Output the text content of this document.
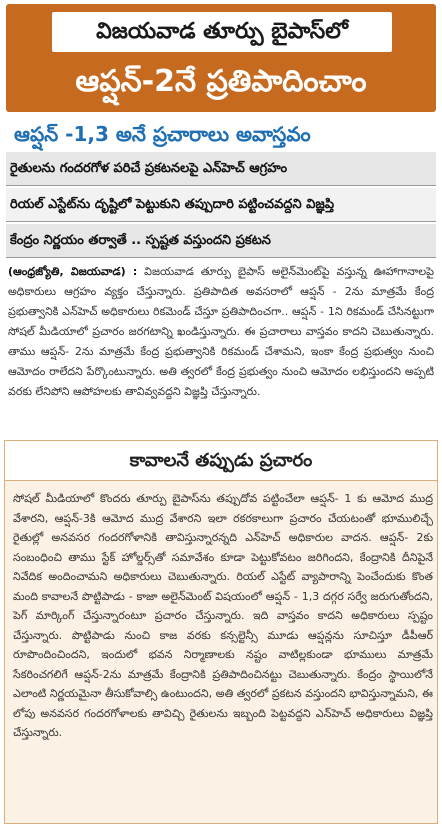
విజయవాడ తూర్పు బైపాస్‌లో
ఆప్షన్‌-2నే ప్రతిపాదించాం
ఆప్షన్‌ -1,3 అనే ప్రచారాలు అవాస్తవం
రైతులను గందరగోళ పరిచే ప్రకటనలపై ఎన్‌హెచ్‌ ఆగ్రహం
రియల్‌ ఎస్టేట్‌ను దృష్టిలో పెట్టుకుని తప్పుదారి పట్టించవద్దని విజ్ఞప్తి
కేంద్రం నిర్ణయం తర్వాతే .. స్పష్టత వస్తుందని ప్రకటన
(ఆంధ్రజ్యోతి, విజయవాడ) : విజయవాడ తూర్పు బైపాస్‌ అలైన్‌మెంట్‌పై వస్తున్న ఊహాగానాలపై అధికారులు ఆగ్రహం వ్యక్తం చేస్తున్నారు. ప్రతిపాదిత అవసరాలో ఆప్షన్‌ - 2ను మాత్రమే కేంద్ర ప్రభుత్వానికి ఎన్‌హెచ్‌ అధికారులు రికమెండ్‌ చేస్తూ ప్రతిపాదించగా.. ఆప్షన్‌ - 1ని రికమండ్‌ చేసినట్టుగా సోషల్‌ మీడియాలో ప్రచారం జరగటాన్ని ఖండిస్తున్నారు. ఈ ప్రచారాలు వాస్తవం కాదని చెబుతున్నారు. తాము ఆప్షన్‌- 2ను మాత్రమే కేంద్ర ప్రభుత్వానికి రికమండ్‌ చేశామని, ఇంకా కేంద్ర ప్రభుత్వం నుంచి ఆమోదం రాలేదని పేర్కొంటున్నారు. అతి త్వరలో కేంద్ర ప్రభుత్వం నుంచి ఆమోదం లభిస్తుందని అప్పటి వరకు లేనిపోని ఆపోహలకు తావివ్వవద్దని విజ్ఞప్తి చేస్తున్నారు.
కావాలనే తప్పుడు ప్రచారం
సోషల్‌ మీడియాలో కొందరు తూర్పు బైపాస్‌ను తప్పుదోవ పట్టించేలా ఆప్షన్‌- 1 కు ఆమోద ముద్ర వేశారని, ఆప్షన్‌-3కి ఆమోద ముద్ర వేశారని ఇలా రకరకాలుగా ప్రచారం చేయటంతో భూములిచ్చే రైతుల్లో అనవసర గందరగోళానికి తావిస్తున్నారన్నది ఎన్‌హెచ్‌ అధికారుల వాదన. ఆప్షన్‌- 2కు సంబంధించి తాము స్టేక్‌ హోల్డర్స్‌తో సమావేశం కూడా పెట్టుకోవటం జరిగిందని, కేంద్రానికి దీనిపైనే నివేదిక అందించామని అధికారులు చెబుతున్నారు. రియల్‌ ఎస్టేట్‌ వ్యాపారాన్ని పెంచేందుకు కొంత మంది కావాలనే పొట్టిపాడు - కాజా అలైన్‌మెంట్‌ విషయంలో ఆప్షన్‌ - 1,3 దగ్గర సర్వే జరుగుతోందని, పెగ్‌ మార్కింగ్‌ చేస్తున్నారంటూ ప్రచారం చేస్తున్నారు. ఇది వాస్తవం కాదని అధికారులు స్పష్టం చేస్తున్నారు. పొట్టిపాడు నుంచి కాజ వరకు కన్సల్టెన్సీ మూడు ఆప్షన్లను సూచిస్తూ డీపీఆర్‌ రూపొందించిందని, ఇందులో భవన నిర్మాణాలకు నష్టం వాటిల్లకుండా భూములు మాత్రమే సేకరించగలిగే ఆప్షన్‌-2ను మాత్రమే కేంద్రానికి ప్రతిపాదించినట్టు చెబుతున్నారు. కేంద్రం స్థాయిలోనే ఎలాంటి నిర్ణయమైనా తీసుకోవాల్సి ఉంటుందని, అతి త్వరలో ప్రకటన వస్తుందని భావిస్తున్నామని, ఈ లోపు అనవసర గందరగోళాలకు తావిచ్చి రైతులను ఇబ్బంది పెట్టవద్దని ఎన్‌హెచ్‌ అధికారులు విజ్ఞప్తి చేస్తున్నారు.
